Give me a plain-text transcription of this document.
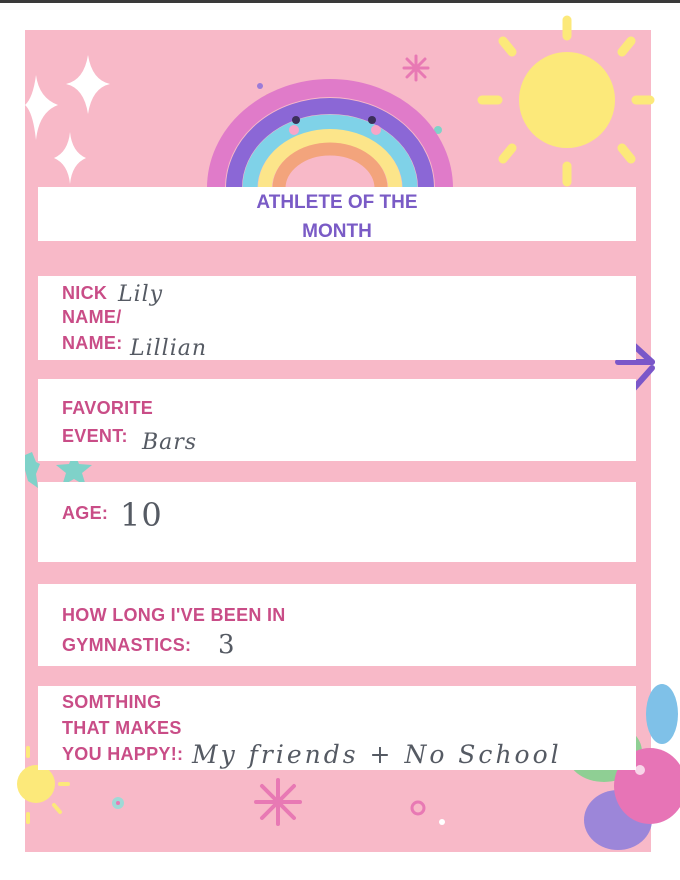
ATHLETE OF THE
MONTH
NICK
NAME/
NAME:
Lily
Lillian
FAVORITE
EVENT: Bars
AGE: 10
HOW LONG I'VE BEEN IN
GYMNASTICS: 3
SOMTHING
THAT MAKES
YOU HAPPY!: My friends + No School
